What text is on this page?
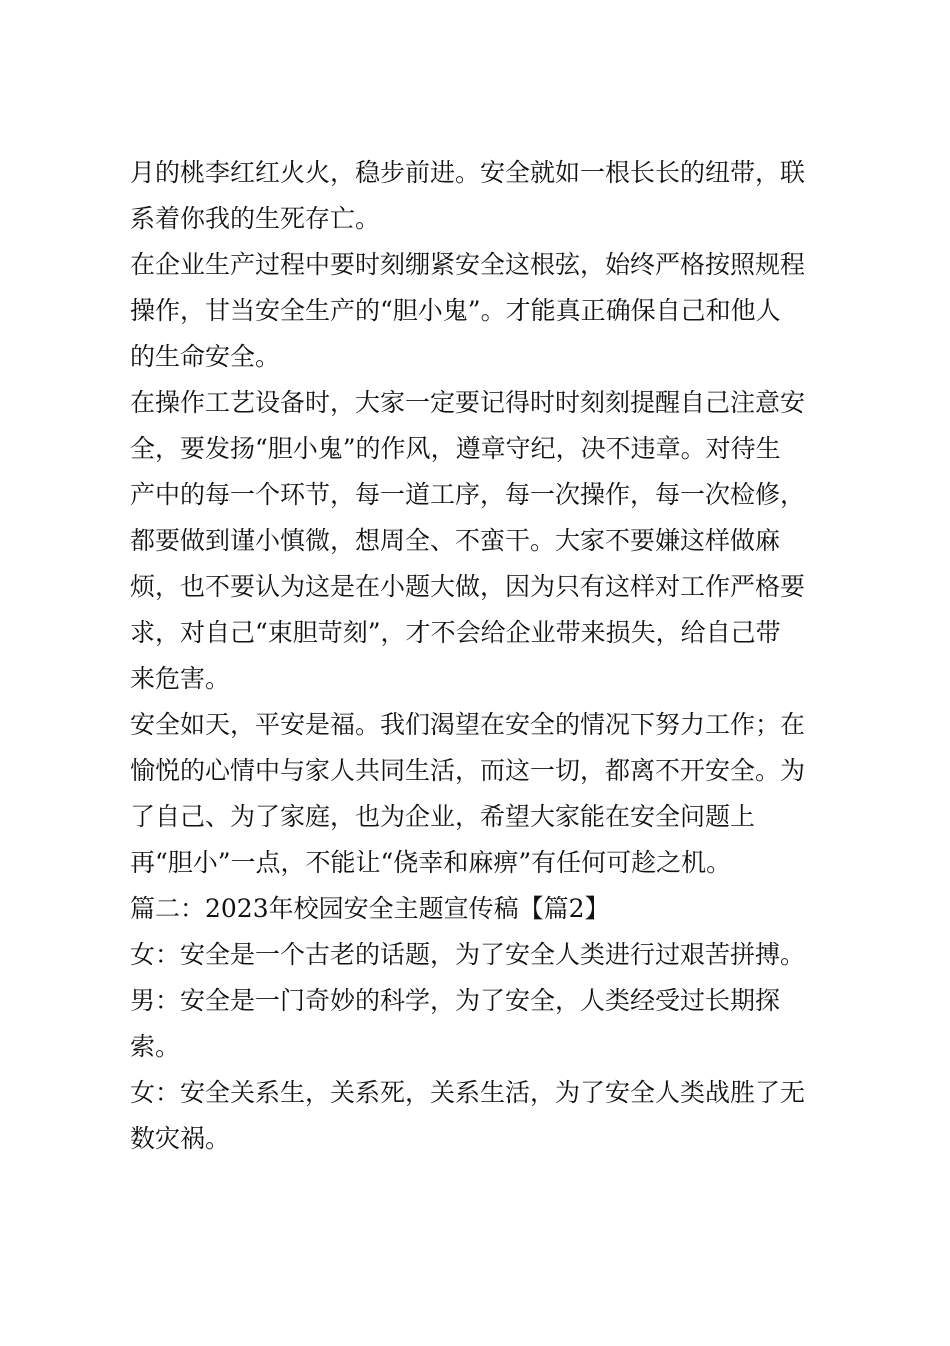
月的桃李红红火火，稳步前进。安全就如一根长长的纽带，联
系着你我的生死存亡。
在企业生产过程中要时刻绷紧安全这根弦，始终严格按照规程
操作，甘当安全生产的“胆小鬼”。才能真正确保自己和他人
的生命安全。
在操作工艺设备时，大家一定要记得时时刻刻提醒自己注意安
全，要发扬“胆小鬼”的作风，遵章守纪，决不违章。对待生
产中的每一个环节，每一道工序，每一次操作，每一次检修，
都要做到谨小慎微，想周全、不蛮干。大家不要嫌这样做麻
烦，也不要认为这是在小题大做，因为只有这样对工作严格要
求，对自己“束胆苛刻”，才不会给企业带来损失，给自己带
来危害。
安全如天，平安是福。我们渴望在安全的情况下努力工作；在
愉悦的心情中与家人共同生活，而这一切，都离不开安全。为
了自己、为了家庭，也为企业，希望大家能在安全问题上
再“胆小”一点，不能让“侥幸和麻痹”有任何可趁之机。
篇二：2023年校园安全主题宣传稿【篇2】
女：安全是一个古老的话题，为了安全人类进行过艰苦拼搏。
男：安全是一门奇妙的科学，为了安全，人类经受过长期探
索。
女：安全关系生，关系死，关系生活，为了安全人类战胜了无
数灾祸。
